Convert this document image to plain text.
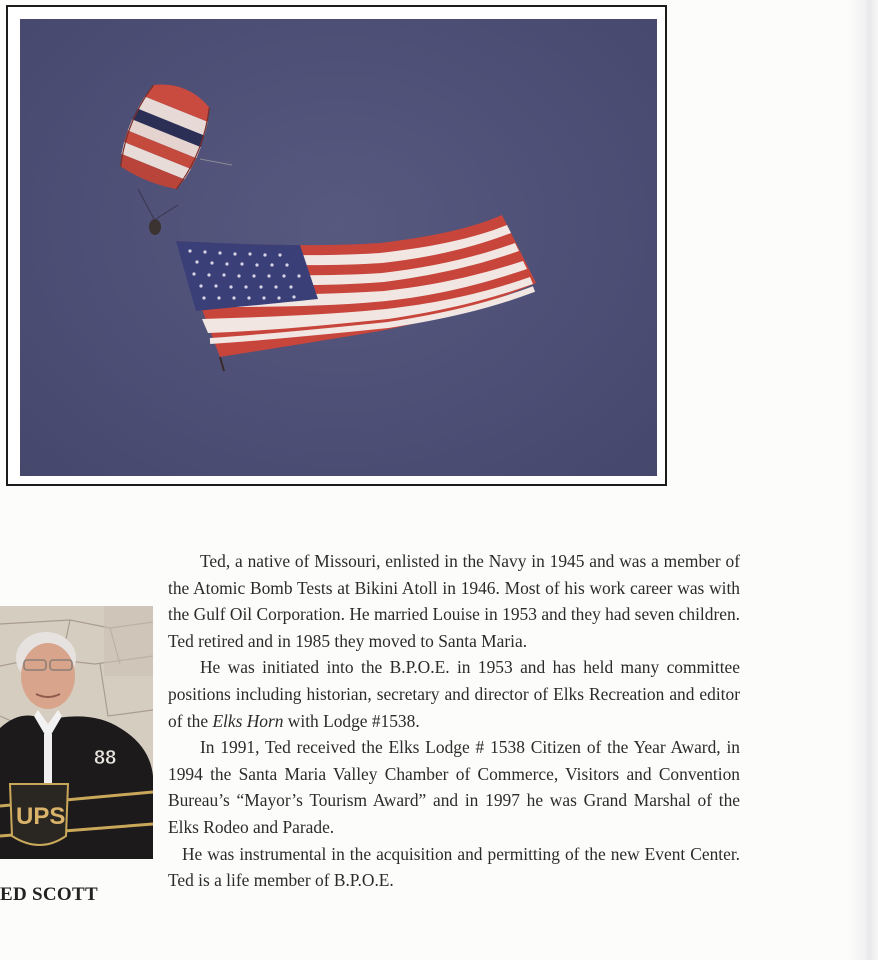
88
UPS
ED SCOTT

Ted, a native of Missouri, enlisted in the Navy in 1945 and was a member of the Atomic Bomb Tests at Bikini Atoll in 1946. Most of his work career was with the Gulf Oil Corporation. He married Louise in 1953 and they had seven children. Ted retired and in 1985 they moved to Santa Maria.

He was initiated into the B.P.O.E. in 1953 and has held many committee positions including historian, secretary and director of Elks Recreation and editor of the Elks Horn with Lodge #1538.

In 1991, Ted received the Elks Lodge # 1538 Citizen of the Year Award, in 1994 the Santa Maria Valley Chamber of Commerce, Visitors and Convention Bureau’s “Mayor’s Tourism Award” and in 1997 he was Grand Marshal of the Elks Rodeo and Parade.

He was instrumental in the acquisition and permitting of the new Event Center. Ted is a life member of B.P.O.E.
